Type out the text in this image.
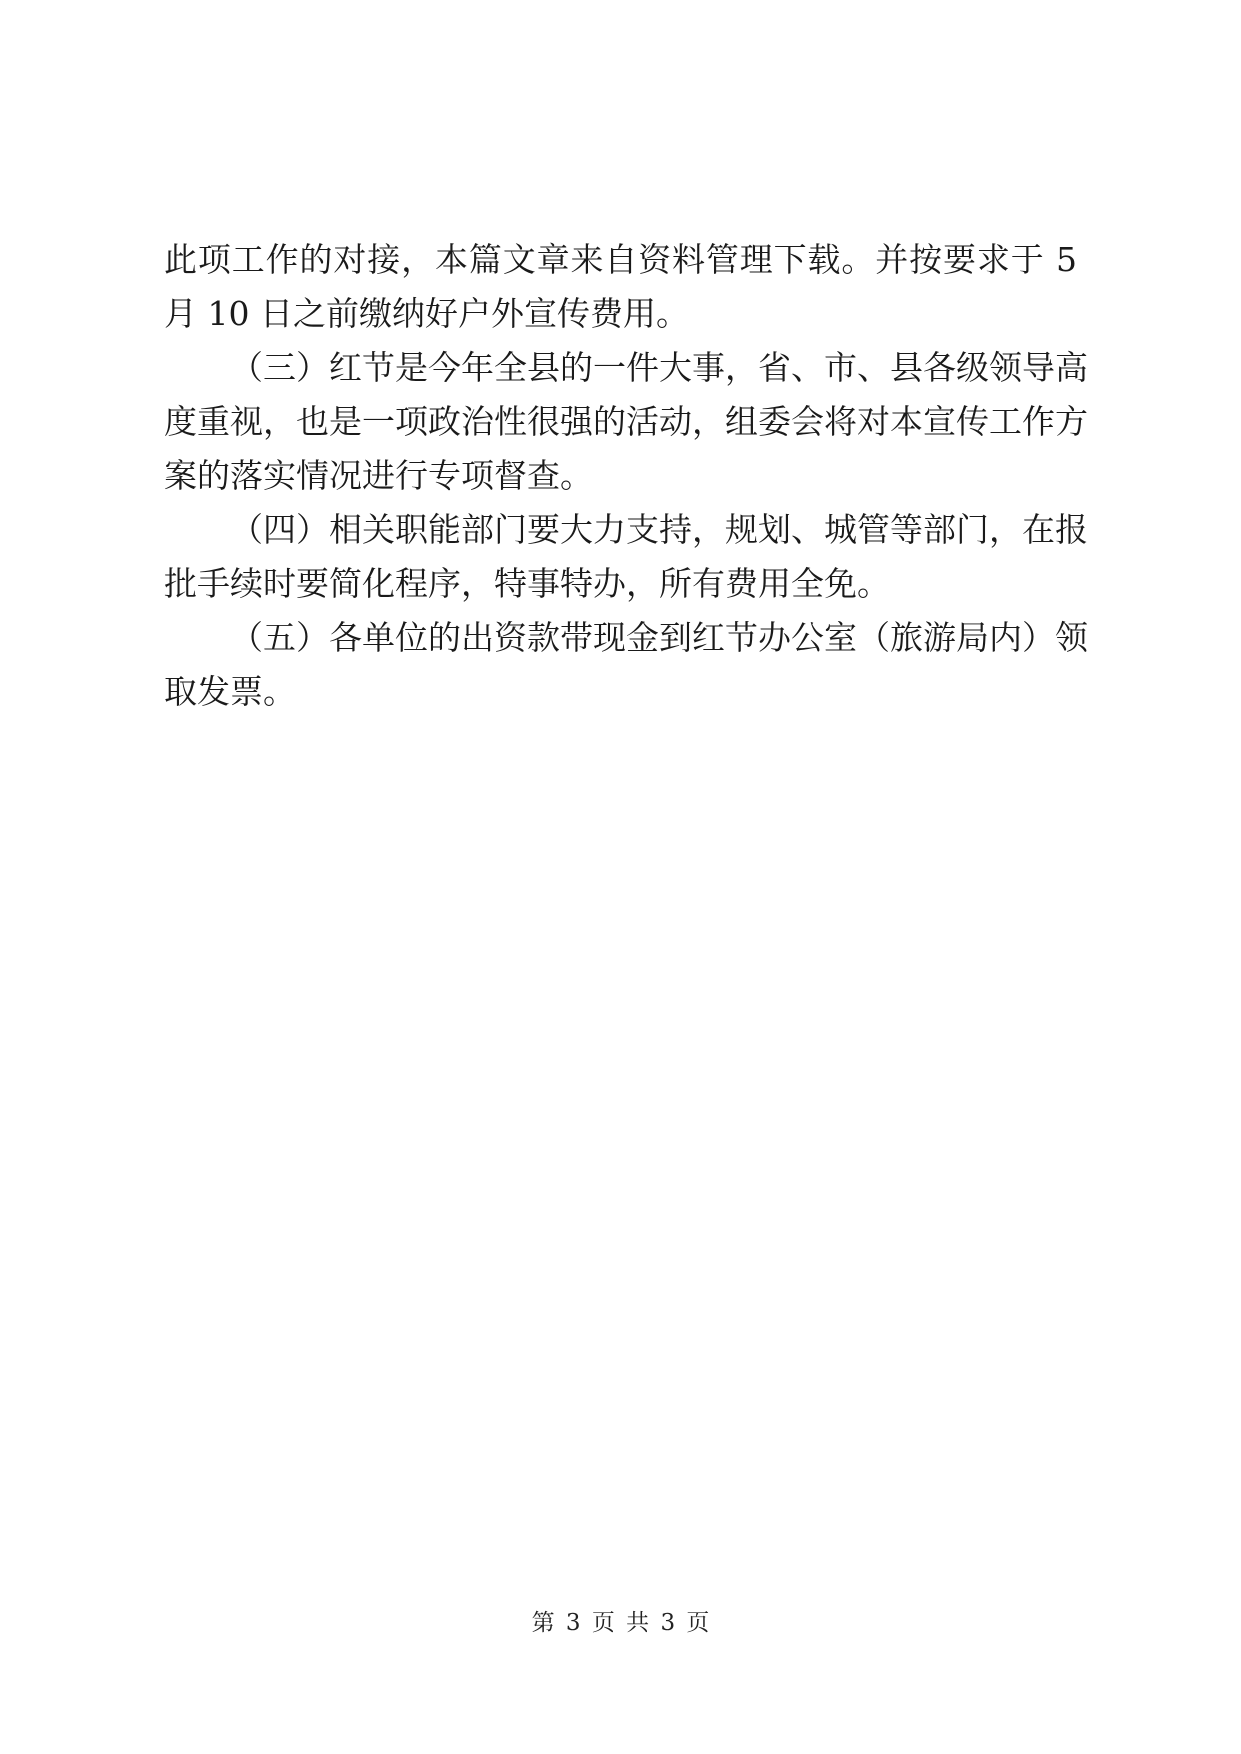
此项工作的对接，本篇文章来自资料管理下载。并按要求于 5
月 10 日之前缴纳好户外宣传费用。
（三）红节是今年全县的一件大事，省、市、县各级领导高
度重视，也是一项政治性很强的活动，组委会将对本宣传工作方
案的落实情况进行专项督查。
（四）相关职能部门要大力支持，规划、城管等部门，在报
批手续时要简化程序，特事特办，所有费用全免。
（五）各单位的出资款带现金到红节办公室（旅游局内）领
取发票。
第 3 页 共 3 页
